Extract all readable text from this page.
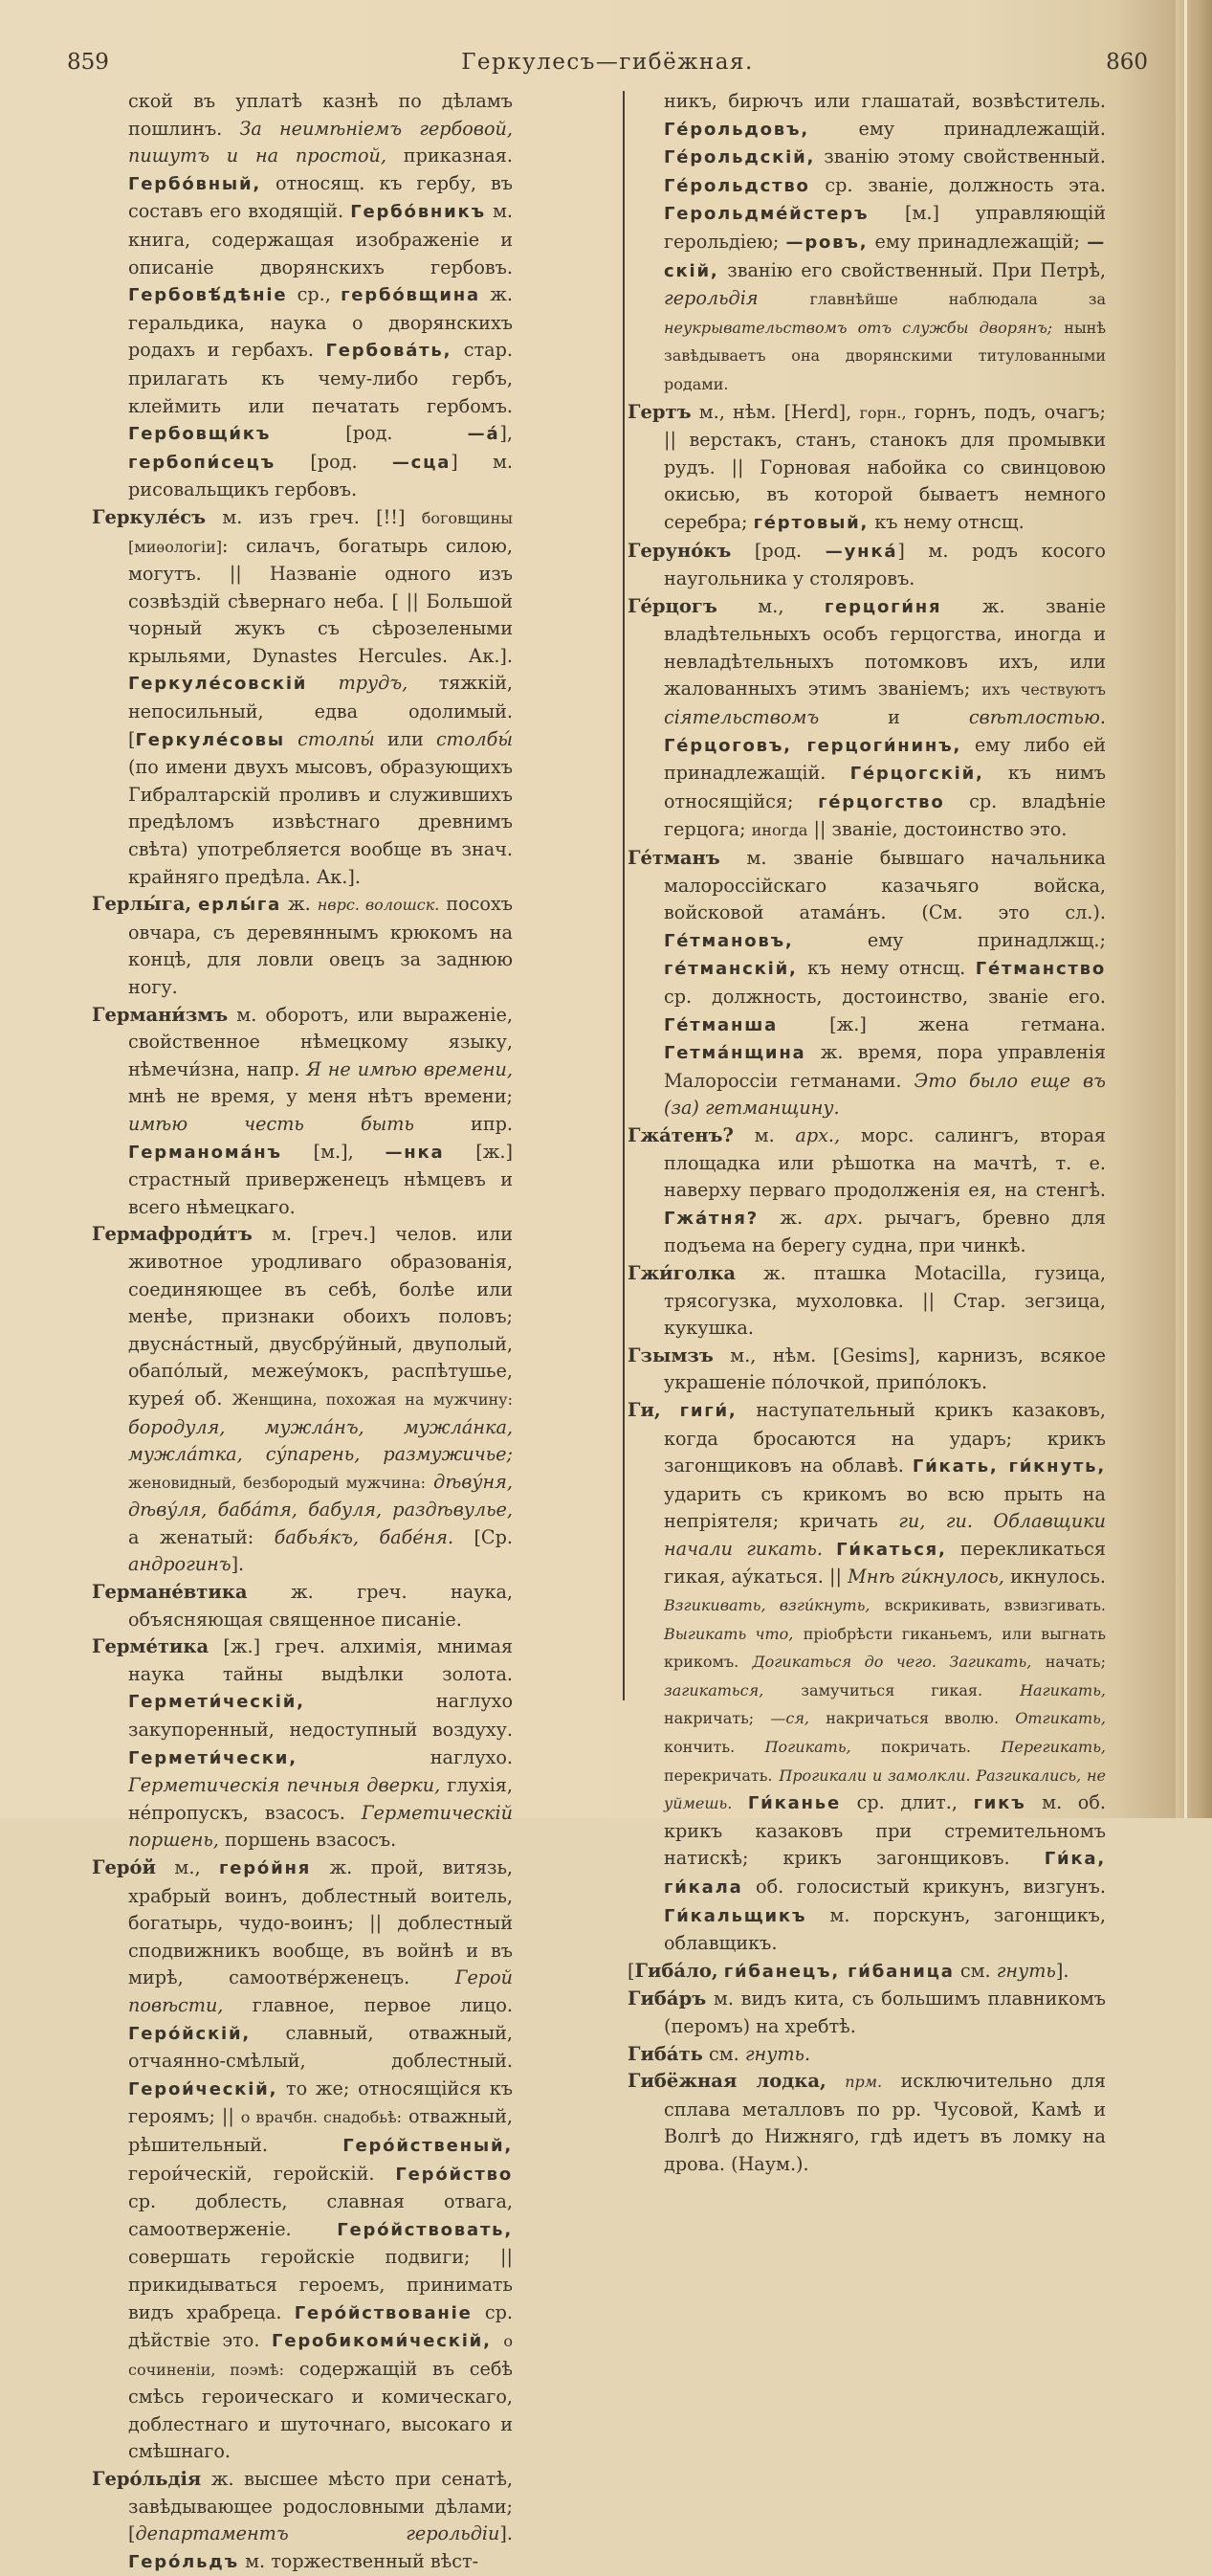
859	Геркулесъ—гибёжная.	860

ской въ уплатѣ казнѣ по дѣламъ пошлинъ. За неимѣніемъ гербовой, пишутъ и на простой, приказная. Гербо́вный, относящ. къ гербу, въ составъ его входящій. Гербо́вникъ м. книга, содержащая изображеніе и описаніе дворянскихъ гербовъ. Гербовѣ́дѣніе ср., гербо́вщина ж. геральдика, наука о дворянскихъ родахъ и гербахъ. Гербова́ть, стар. прилагать къ чему-либо гербъ, клеймить или печатать гербомъ. Гербовщи́къ [род. —а́], гербопи́сецъ [род. —сца] м. рисовальщикъ гербовъ.

Геркуле́съ м. изъ греч. [!!] боговщины [миѳологіи]: силачъ, богатырь силою, могутъ. || Названіе одного изъ созвѣздій сѣвернаго неба. [ || Большой чорный жукъ съ сѣрозелеными крыльями, Dynastes Hercules. Ак.]. Геркуле́совскій трудъ, тяжкій, непосильный, едва одолимый. [Геркуле́совы столпы́ или столбы́ (по имени двухъ мысовъ, образующихъ Гибралтарскій проливъ и служившихъ предѣломъ извѣстнаго древнимъ свѣта) употребляется вообще въ знач. крайняго предѣла. Ак.].

Герлы́га, ерлы́га ж. нврс. волошск. посохъ овчара, съ деревяннымъ крюкомъ на концѣ, для ловли овецъ за заднюю ногу.

Германи́змъ м. оборотъ, или выраженіе, свойственное нѣмецкому языку, нѣмечи́зна, напр. Я не имѣю времени, мнѣ не время, у меня нѣтъ времени; имѣю честь быть ипр. Германома́нъ [м.], —нка [ж.] страстный приверженецъ нѣмцевъ и всего нѣмецкаго.

Гермафроди́тъ м. [греч.] челов. или животное уродливаго образованія, соединяющее въ себѣ, болѣе или менѣе, признаки обоихъ половъ; двусна́стный, двусбру́йный, двуполый, обапо́лый, межеу́мокъ, распѣтушье, курея́ об. Женщина, похожая на мужчину: бородуля, мужла́нъ, мужла́нка, мужла́тка, су́парень, размужичье; женовидный, безбородый мужчина: дѣву́ня, дѣву́ля, баба́тя, бабуля, раздѣвулье, а женатый: бабья́къ, бабе́ня. [Ср. андрогинъ].

Германе́втика ж. греч. наука, объясняющая священное писаніе.

Герме́тика [ж.] греч. алхимія, мнимая наука тайны выдѣлки золота. Гермети́ческій, наглухо закупоренный, недоступный воздуху. Гермети́чески, наглухо. Герметическія печныя дверки, глухія, не́пропускъ, взасосъ. Герметическій поршень, поршень взасосъ.

Геро́й м., геро́йня ж. прой, витязь, храбрый воинъ, доблестный воитель, богатырь, чудо-воинъ; || доблестный сподвижникъ вообще, въ войнѣ и въ мирѣ, самоотве́рженецъ. Герой повѣсти, главное, первое лицо. Геро́йскій, славный, отважный, отчаянно-смѣлый, доблестный. Герои́ческій, то же; относящійся къ героямъ; || о врачбн. снадобьѣ: отважный, рѣшительный. Геро́йственый, герои́ческій, геройскій. Геро́йство ср. доблесть, славная отвага, самоотверженіе. Геро́йствовать, совершать геройскіе подвиги; || прикидываться героемъ, принимать видъ храбреца. Геро́йствованіе ср. дѣйствіе это. Геробикоми́ческій, о сочиненіи, поэмѣ: содержащій въ себѣ смѣсь героическаго и комическаго, доблестнаго и шуточнаго, высокаго и смѣшнаго.

Геро́льдія ж. высшее мѣсто при сенатѣ, завѣдывающее родословными дѣлами; [департаментъ герольдіи]. Геро́льдъ м. торжественный вѣст-

никъ, бирючъ или глашатай, возвѣститель. Ге́рольдовъ, ему принадлежащій. Ге́рольдскій, званію этому свойственный. Ге́рольдство ср. званіе, должность эта. Герольдме́йстеръ [м.] управляющій герольдіею; —ровъ, ему принадлежащій; —скій, званію его свойственный. При Петрѣ, герольдія	главнѣйше наблюдала за неукрывательствомъ отъ службы дворянъ; нынѣ завѣдываетъ она дворянскими титулованными родами.

Гертъ м., нѣм. [Herd], горн., горнъ, подъ, очагъ; || верстакъ, станъ, станокъ для промывки рудъ. || Горновая набойка со свинцовою окисью, въ которой бываетъ немного серебра; ге́ртовый, къ нему отнсщ.

Геруно́къ [род. —унка́] м. родъ косого наугольника у столяровъ.

Ге́рцогъ м., герцоги́ня ж. званіе владѣтельныхъ особъ герцогства, иногда и невладѣтельныхъ потомковъ ихъ, или жалованныхъ этимъ званіемъ; ихъ чествуютъ сіятельствомъ и свѣтлостью. Ге́рцоговъ, герцоги́нинъ, ему либо ей принадлежащій. Ге́рцогскій, къ нимъ относящійся; ге́рцогство ср. владѣніе герцога; иногда || званіе, достоинство это.

Ге́тманъ м. званіе бывшаго начальника малороссійскаго казачьяго войска, войсковой атама́нъ. (См. это сл.). Ге́тмановъ, ему принадлжщ.; ге́тманскій, къ нему отнсщ. Ге́тманство ср. должность, достоинство, званіе его. Ге́тманша [ж.] жена гетмана. Гетма́нщина ж. время, пора управленія Малороссіи гетманами. Это было еще въ (за) гетманщину.

Гжа́тенъ? м. арх., морс. салингъ, вторая площадка или рѣшотка на мачтѣ, т. е. наверху перваго продолженія ея, на стенгѣ. Гжа́тня? ж. арх. рычагъ, бревно для подъема на берегу судна, при чинкѣ.

Гжи́голка ж. пташка Motacilla, гузица, трясогузка, мухоловка. || Стар. зегзица, кукушка.

Гзымзъ м., нѣм. [Gesims], карнизъ, всякое украшеніе по́лочкой, припо́локъ.

Ги, гиги́, наступательный крикъ казаковъ, когда бросаются на ударъ; крикъ загонщиковъ на облавѣ. Ги́кать, ги́кнуть, ударить съ крикомъ во всю прыть на непріятеля; кричать ги, ги. Облавщики начали гикать. Ги́каться, перекликаться гикая, ау́каться. || Мнѣ ги́кнулось, икнулось. Взгикивать, взги́кнуть, вскрикивать, взвизгивать. Выгикать что, пріобрѣсти гиканьемъ, или выгнать крикомъ. Догикаться до чего. Загикать, начать; загикаться, замучиться гикая. Нагикать, накричать; —ся, накричаться вволю. Отгикать, кончить. Погикать, покричать. Перегикать, перекричать. Прогикали и замолкли. Разгикались, не уймешь. Ги́канье ср. длит., гикъ м. об. крикъ казаковъ при стремительномъ натискѣ; крикъ загонщиковъ. Ги́ка, ги́кала об. голосистый крикунъ, визгунъ. Ги́кальщикъ м. порскунъ, загонщикъ, облавщикъ.

[Гиба́ло, ги́банецъ, ги́баница см. гнуть].

Гиба́ръ м. видъ кита, съ большимъ плавникомъ (перомъ) на хребтѣ.

Гиба́ть см. гнуть.

Гибёжная лодка, прм. исключительно для сплава металловъ по рр. Чусовой, Камѣ и Волгѣ до Нижняго, гдѣ идетъ въ ломку на дрова. (Наум.).
